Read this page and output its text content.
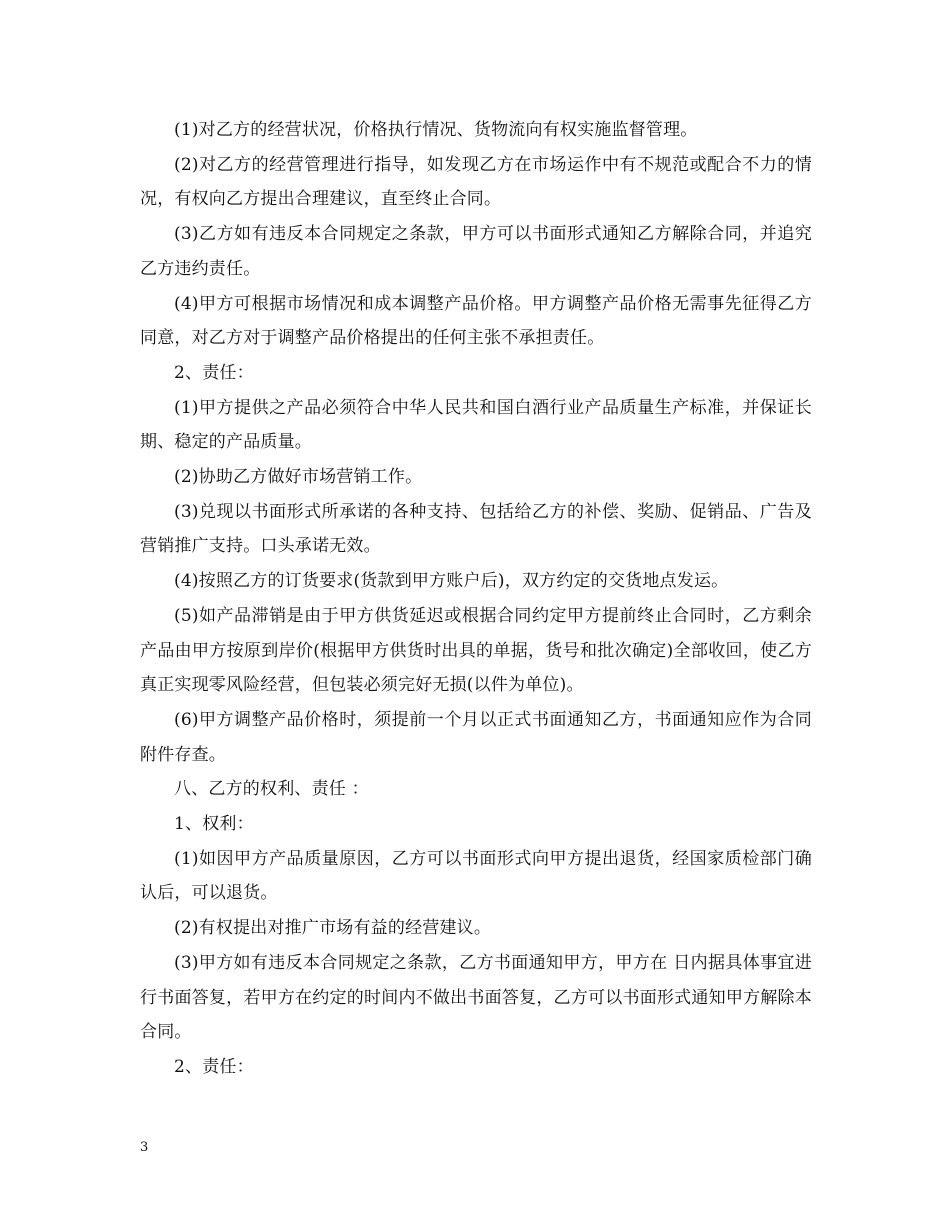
(1)对乙方的经营状况，价格执行情况、货物流向有权实施监督管理。

(2)对乙方的经营管理进行指导，如发现乙方在市场运作中有不规范或配合不力的情况，有权向乙方提出合理建议，直至终止合同。

(3)乙方如有违反本合同规定之条款，甲方可以书面形式通知乙方解除合同，并追究乙方违约责任。

(4)甲方可根据市场情况和成本调整产品价格。甲方调整产品价格无需事先征得乙方同意，对乙方对于调整产品价格提出的任何主张不承担责任。

2、责任：

(1)甲方提供之产品必须符合中华人民共和国白酒行业产品质量生产标准，并保证长期、稳定的产品质量。

(2)协助乙方做好市场营销工作。

(3)兑现以书面形式所承诺的各种支持、包括给乙方的补偿、奖励、促销品、广告及营销推广支持。口头承诺无效。

(4)按照乙方的订货要求(货款到甲方账户后)，双方约定的交货地点发运。

(5)如产品滞销是由于甲方供货延迟或根据合同约定甲方提前终止合同时，乙方剩余产品由甲方按原到岸价(根据甲方供货时出具的单据，货号和批次确定)全部收回，使乙方真正实现零风险经营，但包装必须完好无损(以件为单位)。

(6)甲方调整产品价格时，须提前一个月以正式书面通知乙方，书面通知应作为合同附件存查。

八、乙方的权利、责任 ：

1、权利：

(1)如因甲方产品质量原因，乙方可以书面形式向甲方提出退货，经国家质检部门确认后，可以退货。

(2)有权提出对推广市场有益的经营建议。

(3)甲方如有违反本合同规定之条款，乙方书面通知甲方，甲方在 日内据具体事宜进行书面答复，若甲方在约定的时间内不做出书面答复，乙方可以书面形式通知甲方解除本合同。

2、责任：

3
